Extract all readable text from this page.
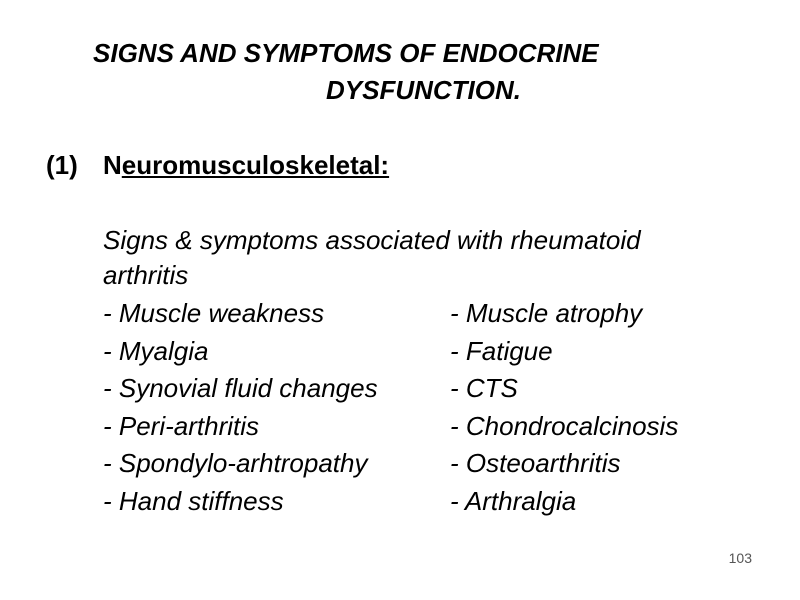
SIGNS AND SYMPTOMS OF ENDOCRINE
DYSFUNCTION.
(1) Neuromusculoskeletal:
Signs & symptoms associated with rheumatoid
arthritis
- Muscle weakness	- Muscle atrophy
- Myalgia	- Fatigue
- Synovial fluid changes	- CTS
- Peri-arthritis	- Chondrocalcinosis
- Spondylo-arhtropathy	- Osteoarthritis
- Hand stiffness	- Arthralgia
103
